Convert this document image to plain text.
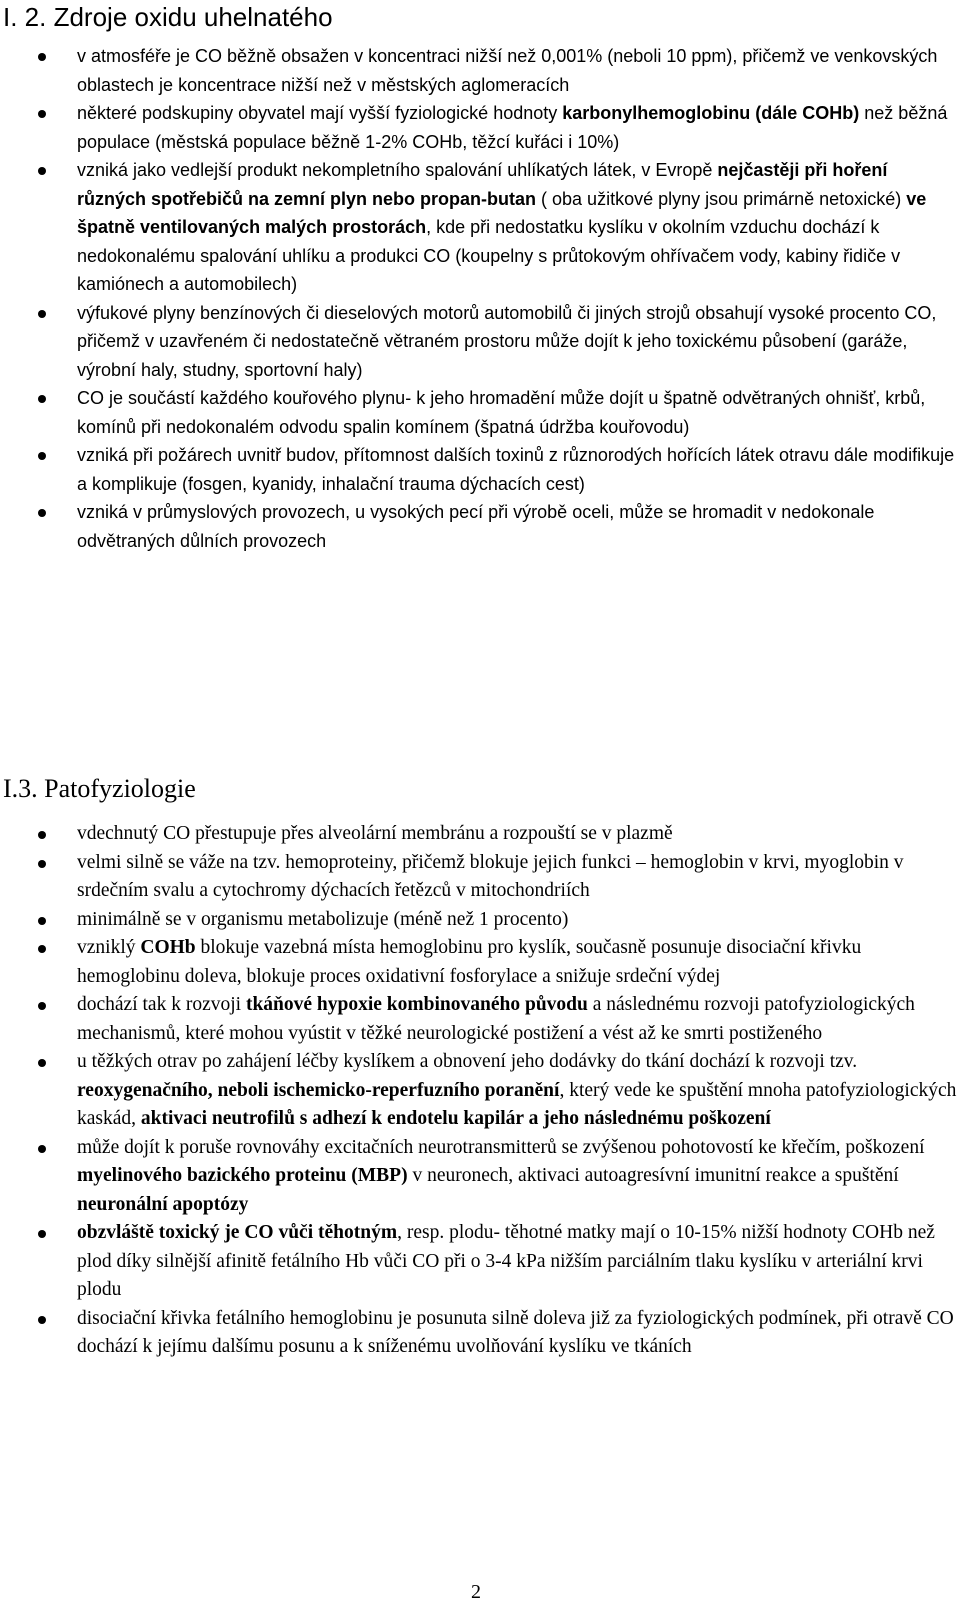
I. 2. Zdroje oxidu uhelnatého
v atmosféře je CO běžně obsažen v koncentraci nižší než 0,001% (neboli 10 ppm), přičemž ve venkovských oblastech je koncentrace nižší než v městských aglomeracích
některé podskupiny obyvatel mají vyšší fyziologické hodnoty karbonylhemoglobinu (dále COHb) než běžná populace (městská populace běžně 1-2% COHb, těžcí kuřáci i 10%)
vzniká jako vedlejší produkt nekompletního spalování uhlíkatých látek, v Evropě nejčastěji při hoření různých spotřebičů na zemní plyn nebo propan-butan ( oba užitkové plyny jsou primárně netoxické) ve špatně ventilovaných malých prostorách, kde při nedostatku kyslíku v okolním vzduchu dochází k nedokonalému spalování uhlíku a produkci CO (koupelny s průtokovým ohřívačem vody, kabiny řidiče v kamiónech a automobilech)
výfukové plyny benzínových či dieselových motorů automobilů či jiných strojů obsahují vysoké procento CO, přičemž v uzavřeném či nedostatečně větraném prostoru může dojít k jeho toxickému působení (garáže, výrobní haly, studny, sportovní haly)
CO je součástí každého kouřového plynu- k jeho hromadění může dojít u špatně odvětraných ohnišť, krbů, komínů při nedokonalém odvodu spalin komínem (špatná údržba kouřovodu)
vzniká při požárech uvnitř budov, přítomnost dalších toxinů z různorodých hořících látek otravu dále modifikuje a komplikuje (fosgen, kyanidy, inhalační trauma dýchacích cest)
vzniká v průmyslových provozech, u vysokých pecí při výrobě oceli, může se hromadit v nedokonale odvětraných důlních provozech
I.3. Patofyziologie
vdechnutý CO přestupuje přes alveolární membránu a rozpouští se v plazmě
velmi silně se váže na tzv. hemoproteiny, přičemž blokuje jejich funkci – hemoglobin v krvi, myoglobin v srdečním svalu a cytochromy dýchacích řetězců v mitochondriích
minimálně se v organismu metabolizuje (méně než 1 procento)
vzniklý COHb blokuje vazebná místa hemoglobinu pro kyslík, současně posunuje disociační křivku hemoglobinu doleva, blokuje proces oxidativní fosforylace a snižuje srdeční výdej
dochází tak k rozvoji tkáňové hypoxie kombinovaného původu a následnému rozvoji patofyziologických mechanismů, které mohou vyústit v těžké neurologické postižení a vést až ke smrti postiženého
u těžkých otrav po zahájení léčby kyslíkem a obnovení jeho dodávky do tkání dochází k rozvoji tzv. reoxygenačního, neboli ischemicko-reperfuzního poranění, který vede ke spuštění mnoha patofyziologických kaskád, aktivaci neutrofilů s adhezí k endotelu kapilár a jeho následnému poškození
může dojít k poruše rovnováhy excitačních neurotransmitterů se zvýšenou pohotovostí ke křečím, poškození myelinového bazického proteinu (MBP) v neuronech, aktivaci autoagresívní imunitní reakce a spuštění neuronální apoptózy
obzvláště toxický je CO vůči těhotným, resp. plodu- těhotné matky mají o 10-15% nižší hodnoty COHb než plod díky silnější afinitě fetálního Hb vůči CO při o 3-4 kPa nižším parciálním tlaku kyslíku v arteriální krvi plodu
disociační křivka fetálního hemoglobinu je posunuta silně doleva již za fyziologických podmínek, při otravě CO dochází k jejímu dalšímu posunu a k sníženému uvolňování kyslíku ve tkáních
2
